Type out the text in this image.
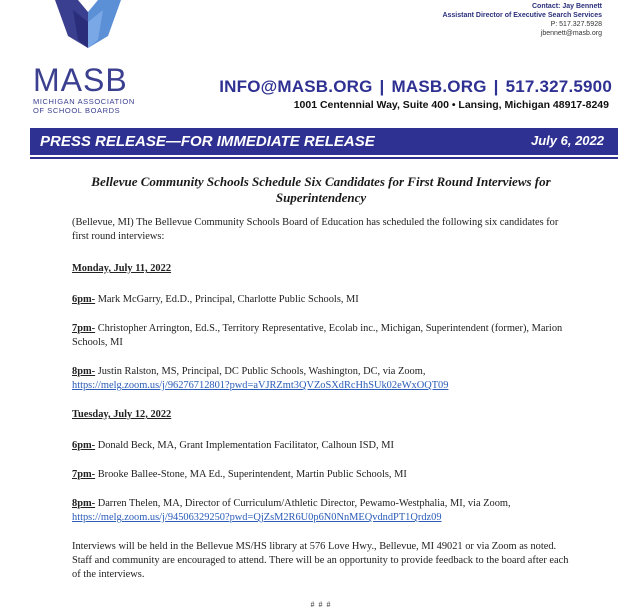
MASB
MICHIGAN ASSOCIATION
OF SCHOOL BOARDS
Contact: Jay Bennett
Assistant Director of Executive Search Services
P: 517.327.5928
jbennett@masb.org
INFO@MASB.ORG | MASB.ORG | 517.327.5900
1001 Centennial Way, Suite 400 • Lansing, Michigan 48917-8249
PRESS RELEASE—FOR IMMEDIATE RELEASE	July 6, 2022
Bellevue Community Schools Schedule Six Candidates for First Round Interviews for Superintendency

(Bellevue, MI) The Bellevue Community Schools Board of Education has scheduled the following six candidates for first round interviews:

Monday, July 11, 2022

6pm- Mark McGarry, Ed.D., Principal, Charlotte Public Schools, MI

7pm- Christopher Arrington, Ed.S., Territory Representative, Ecolab inc., Michigan, Superintendent (former), Marion Schools, MI

8pm- Justin Ralston, MS, Principal, DC Public Schools, Washington, DC, via Zoom,
https://melg.zoom.us/j/96276712801?pwd=aVJRZmt3QVZoSXdRcHhSUk02eWxOQT09

Tuesday, July 12, 2022

6pm- Donald Beck, MA, Grant Implementation Facilitator, Calhoun ISD, MI

7pm- Brooke Ballee-Stone, MA Ed., Superintendent, Martin Public Schools, MI

8pm- Darren Thelen, MA, Director of Curriculum/Athletic Director, Pewamo-Westphalia, MI, via Zoom,
https://melg.zoom.us/j/94506329250?pwd=QjZsM2R6U0p6N0NnMEQvdndPT1Qrdz09

Interviews will be held in the Bellevue MS/HS library at 576 Love Hwy., Bellevue, MI 49021 or via Zoom as noted. Staff and community are encouraged to attend. There will be an opportunity to provide feedback to the board after each of the interviews.

# # #
